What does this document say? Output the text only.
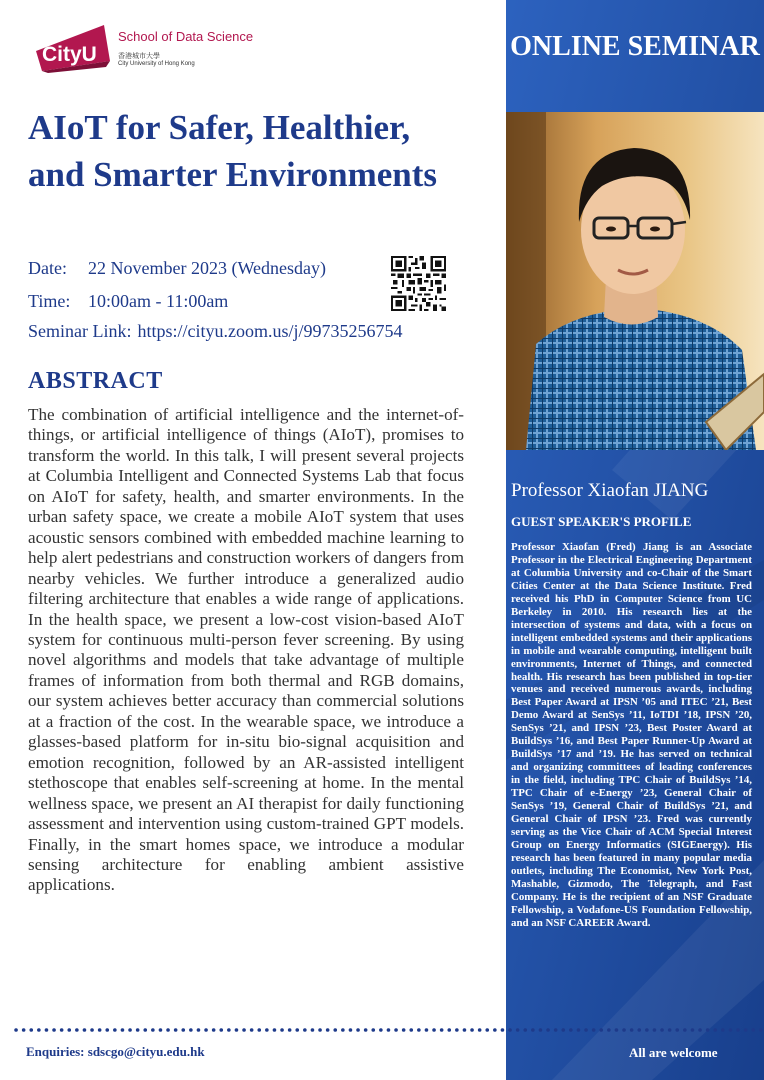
CityU
School of Data Science
香港城市大學
City University of Hong Kong
AIoT for Safer, Healthier, and Smarter Environments
Date: 22 November 2023 (Wednesday)
Time: 10:00am - 11:00am
Seminar Link: https://cityu.zoom.us/j/99735256754
ABSTRACT

The combination of artificial intelligence and the internet-of-things, or artificial intelligence of things (AIoT), promises to transform the world. In this talk, I will present several projects at Columbia Intelligent and Connected Systems Lab that focus on AIoT for safety, health, and smarter environments. In the urban safety space, we create a mobile AIoT system that uses acoustic sensors combined with embedded machine learning to help alert pedestrians and construction workers of dangers from nearby vehicles. We further introduce a generalized audio filtering architecture that enables a wide range of applications. In the health space, we present a low-cost vision-based AIoT system for continuous multi-person fever screening. By using novel algorithms and models that take advantage of multiple frames of information from both thermal and RGB domains, our system achieves better accuracy than commercial solutions at a fraction of the cost. In the wearable space, we introduce a glasses-based platform for in-situ bio-signal acquisition and emotion recognition, followed by an AR-assisted intelligent stethoscope that enables self-screening at home. In the mental wellness space, we present an AI therapist for daily functioning assessment and intervention using custom-trained GPT models. Finally, in the smart homes space, we introduce a modular sensing architecture for enabling ambient assistive applications.

ONLINE SEMINAR
Professor Xiaofan JIANG
GUEST SPEAKER'S PROFILE

Professor Xiaofan (Fred) Jiang is an Associate Professor in the Electrical Engineering Department at Columbia University and co-Chair of the Smart Cities Center at the Data Science Institute. Fred received his PhD in Computer Science from UC Berkeley in 2010. His research lies at the intersection of systems and data, with a focus on intelligent embedded systems and their applications in mobile and wearable computing, intelligent built environments, Internet of Things, and connected health. His research has been published in top-tier venues and received numerous awards, including Best Paper Award at IPSN ’05 and ITEC ’21, Best Demo Award at SenSys ’11, IoTDI ’18, IPSN ’20, SenSys ’21, and IPSN ’23, Best Poster Award at BuildSys ’16, and Best Paper Runner-Up Award at BuildSys ’17 and ’19. He has served on technical and organizing committees of leading conferences in the field, including TPC Chair of BuildSys ’14, TPC Chair of e-Energy ’23, General Chair of SenSys ’19, General Chair of BuildSys ’21, and General Chair of IPSN ’23. Fred was currently serving as the Vice Chair of ACM Special Interest Group on Energy Informatics (SIGEnergy). His research has been featured in many popular media outlets, including The Economist, New York Post, Mashable, Gizmodo, The Telegraph, and Fast Company. He is the recipient of an NSF Graduate Fellowship, a Vodafone-US Foundation Fellowship, and an NSF CAREER Award.

Enquiries: sdscgo@cityu.edu.hk	All are welcome
